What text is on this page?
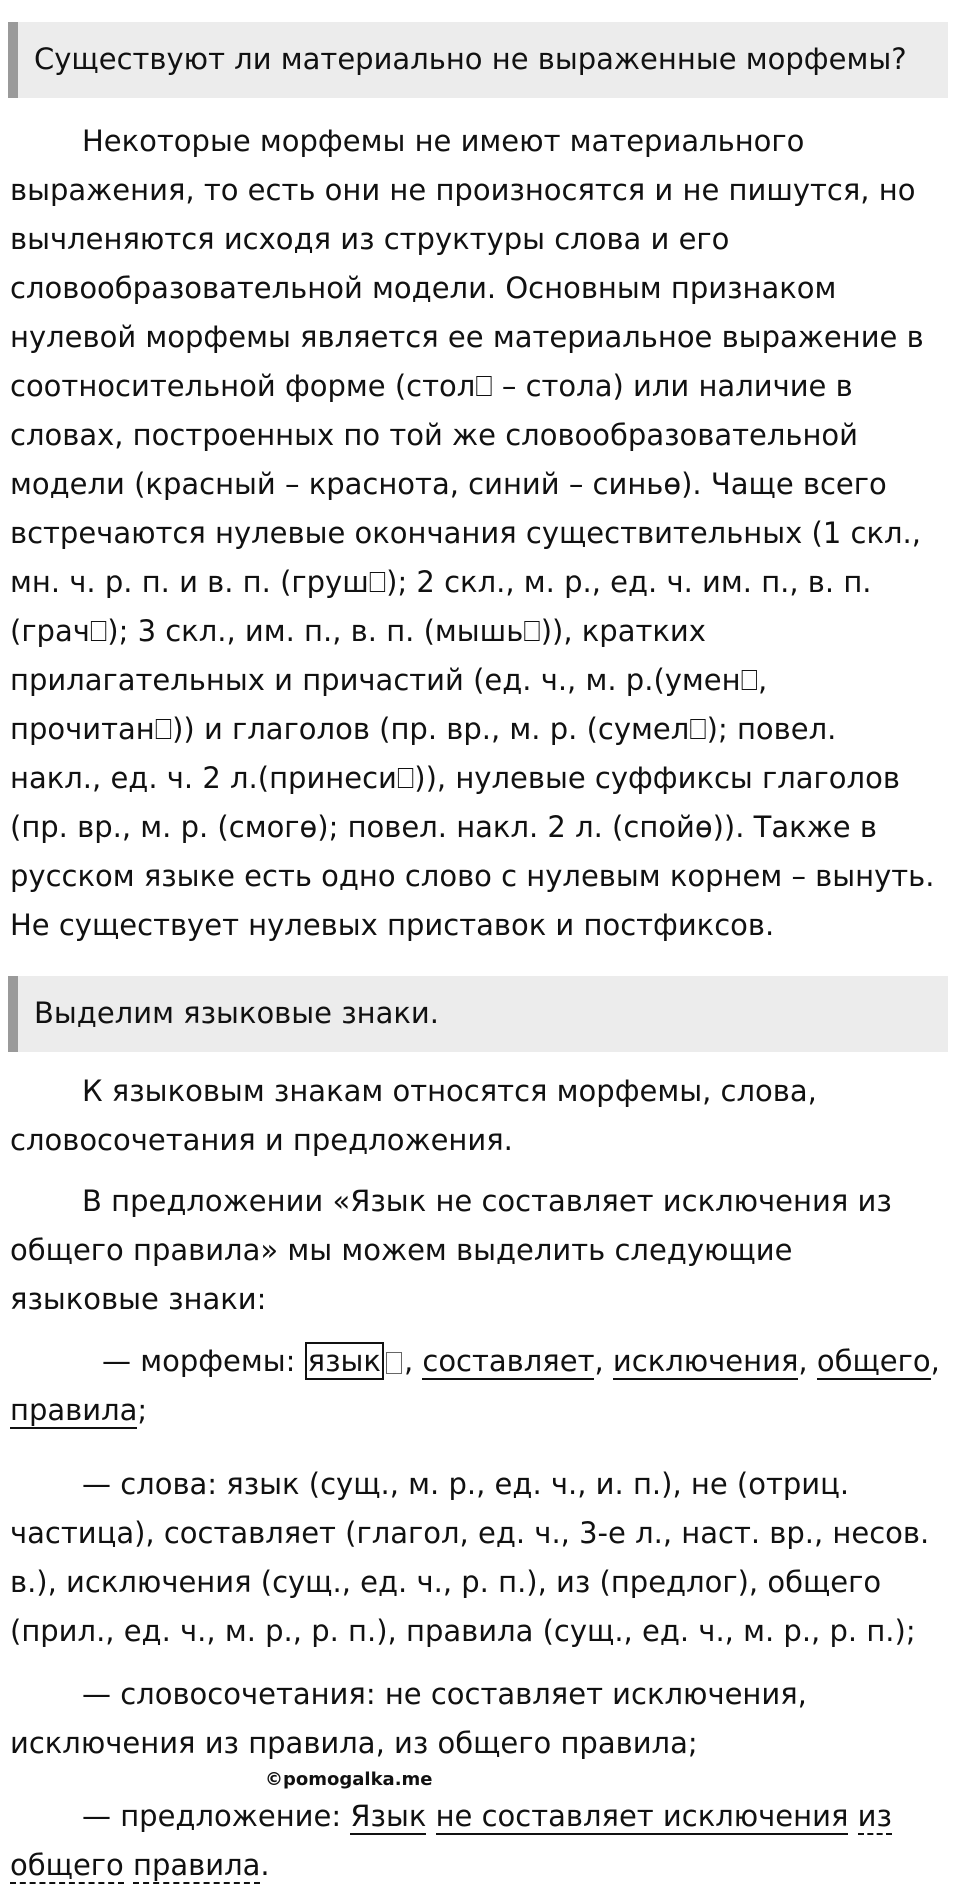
Существуют ли материально не выраженные морфемы?
Некоторые морфемы не имеют материального
выражения, то есть они не произносятся и не пишутся, но
вычленяются исходя из структуры слова и его
словообразовательной модели. Основным признаком
нулевой морфемы является ее материальное выражение в
соотносительной форме (стол⎕ – стола) или наличие в
словах, построенных по той же словообразовательной
модели (красный – краснота, синий – синьө). Чаще всего
встречаются нулевые окончания существительных (1 скл.,
мн. ч. р. п. и в. п. (груш⎕); 2 скл., м. р., ед. ч. им. п., в. п.
(грач⎕); 3 скл., им. п., в. п. (мышь⎕)), кратких
прилагательных и причастий (ед. ч., м. р.(умен⎕,
прочитан⎕)) и глаголов (пр. вр., м. р. (сумел⎕); повел.
накл., ед. ч. 2 л.(принеси⎕)), нулевые суффиксы глаголов
(пр. вр., м. р. (смогө); повел. накл. 2 л. (спойө)). Также в
русском языке есть одно слово с нулевым корнем – вынуть.
Не существует нулевых приставок и постфиксов.
Выделим языковые знаки.
К языковым знакам относятся морфемы, слова,
словосочетания и предложения.
В предложении «Язык не составляет исключения из
общего правила» мы можем выделить следующие
языковые знаки:
— морфемы: язык , составляет, исключения, общего,
правила;
— слова: язык (сущ., м. р., ед. ч., и. п.), не (отриц.
частица), составляет (глагол, ед. ч., 3-е л., наст. вр., несов.
в.), исключения (сущ., ед. ч., р. п.), из (предлог), общего
(прил., ед. ч., м. р., р. п.), правила (сущ., ед. ч., м. р., р. п.);
— словосочетания: не составляет исключения,
исключения из правила, из общего правила;
©pomogalka.me
— предложение: Язык не составляет исключения из
общего правила.
